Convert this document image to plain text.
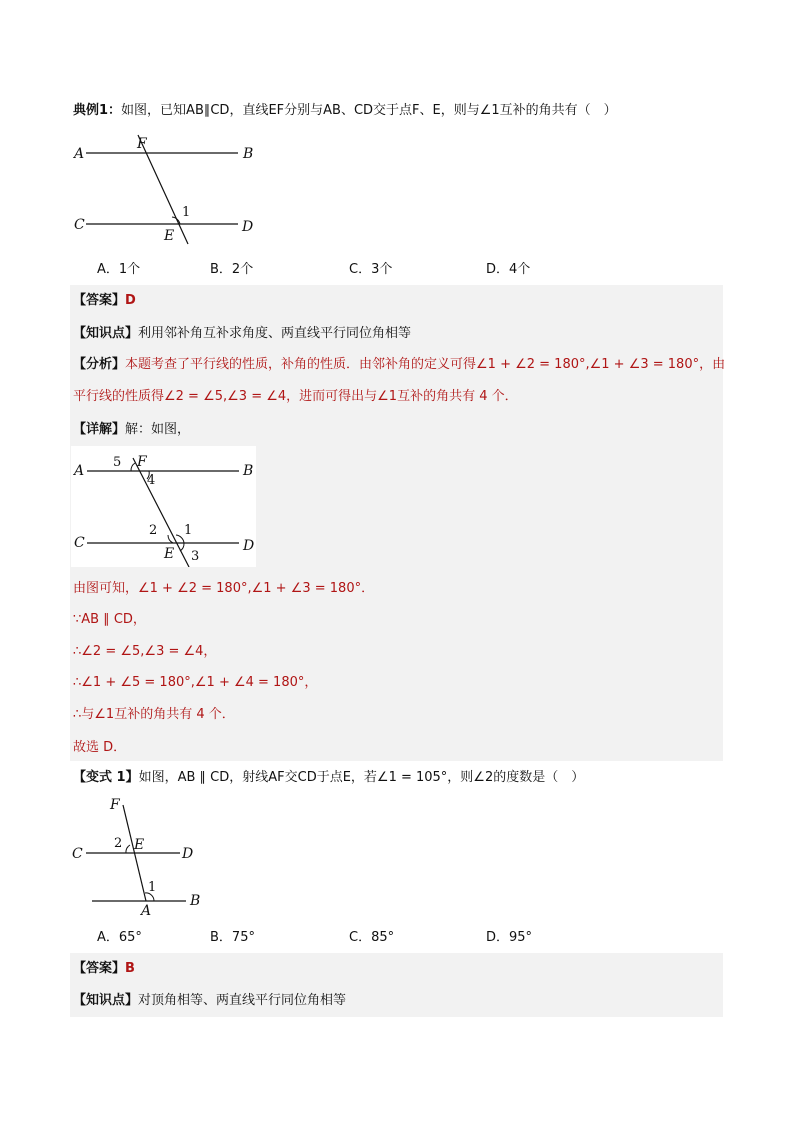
典例1：如图，已知AB∥CD，直线EF分别与AB、CD交于点F、E，则与∠1互补的角共有（　）
A	B
C	D
E
F
1
A．1个	B．2个	C．3个	D．4个
【答案】D
【知识点】利用邻补角互补求角度、两直线平行同位角相等
【分析】本题考查了平行线的性质，补角的性质．由邻补角的定义可得∠1 + ∠2 = 180°,∠1 + ∠3 = 180°，由
平行线的性质得∠2 = ∠5,∠3 = ∠4，进而可得出与∠1互补的角共有 4 个．
【详解】解：如图，
A	B
C	D
E
F
1
2
3
4
5
由图可知，∠1 + ∠2 = 180°,∠1 + ∠3 = 180°．
∵AB ∥ CD，
∴∠2 = ∠5,∠3 = ∠4，
∴∠1 + ∠5 = 180°,∠1 + ∠4 = 180°，
∴与∠1互补的角共有 4 个．
故选 D．
【变式 1】如图，AB ∥ CD，射线AF交CD于点E，若∠1 = 105°，则∠2的度数是（　）
F
C	D
E
A
B
2
1
A．65°	B．75°	C．85°	D．95°
【答案】B
【知识点】对顶角相等、两直线平行同位角相等
